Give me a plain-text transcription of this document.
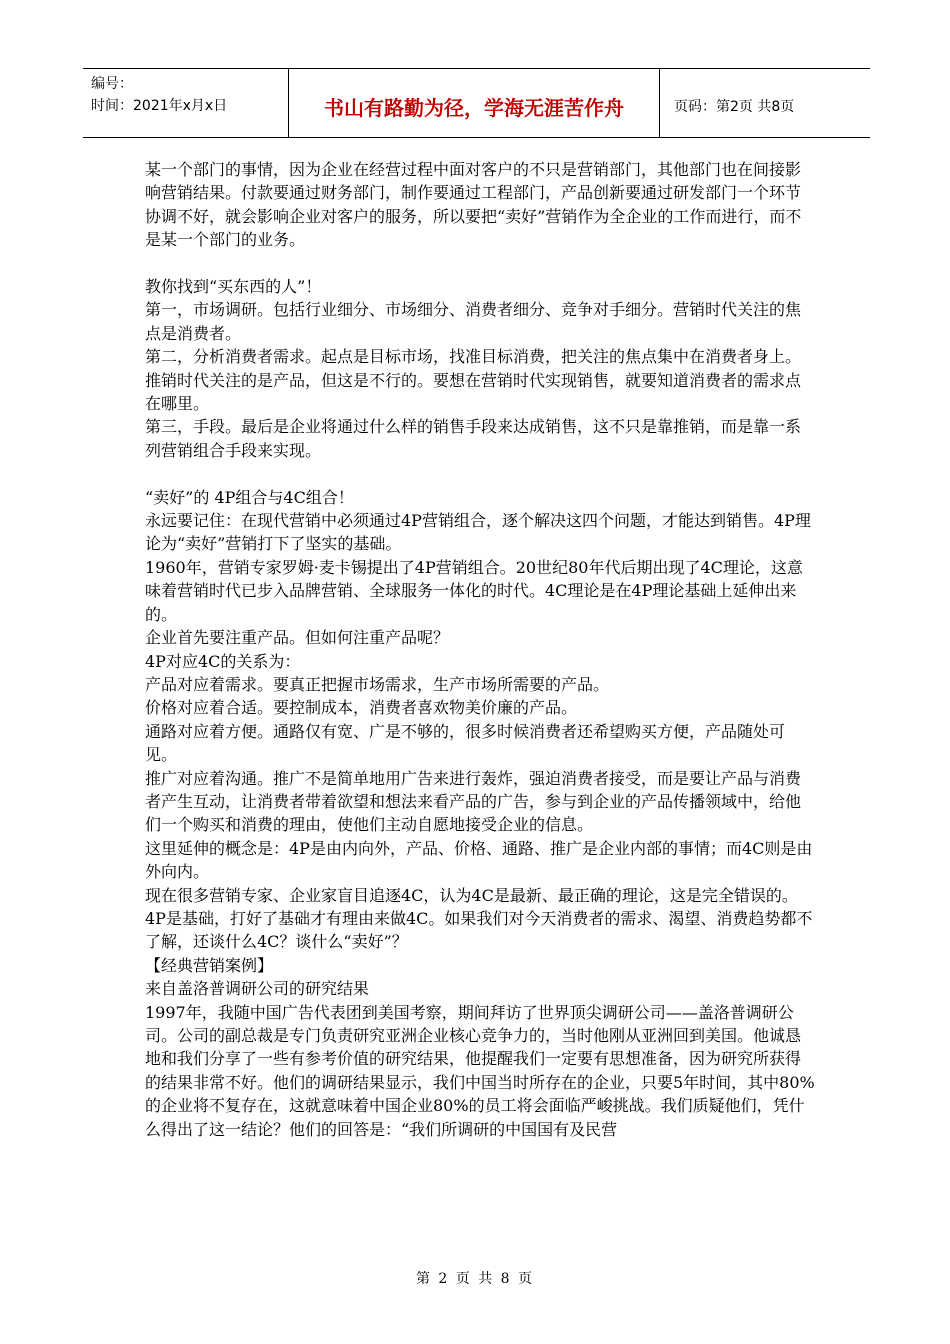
编号：
时间：2021年x月x日	书山有路勤为径，学海无涯苦作舟	页码：第2页 共8页

某一个部门的事情，因为企业在经营过程中面对客户的不只是营销部门，其他部门也在间接影响营销结果。付款要通过财务部门，制作要通过工程部门，产品创新要通过研发部门一个环节协调不好，就会影响企业对客户的服务，所以要把“卖好”营销作为全企业的工作而进行，而不是某一个部门的业务。

教你找到“买东西的人”！

第一，市场调研。包括行业细分、市场细分、消费者细分、竞争对手细分。营销时代关注的焦点是消费者。

第二，分析消费者需求。起点是目标市场，找准目标消费，把关注的焦点集中在消费者身上。推销时代关注的是产品，但这是不行的。要想在营销时代实现销售，就要知道消费者的需求点在哪里。

第三，手段。最后是企业将通过什么样的销售手段来达成销售，这不只是靠推销，而是靠一系列营销组合手段来实现。

“卖好”的 4P组合与4C组合！

永远要记住：在现代营销中必须通过4P营销组合，逐个解决这四个问题，才能达到销售。4P理论为“卖好”营销打下了坚实的基础。

1960年，营销专家罗姆·麦卡锡提出了4P营销组合。20世纪80年代后期出现了4C理论，这意味着营销时代已步入品牌营销、全球服务一体化的时代。4C理论是在4P理论基础上延伸出来的。

企业首先要注重产品。但如何注重产品呢？

4P对应4C的关系为：

产品对应着需求。要真正把握市场需求，生产市场所需要的产品。

价格对应着合适。要控制成本，消费者喜欢物美价廉的产品。

通路对应着方便。通路仅有宽、广是不够的，很多时候消费者还希望购买方便，产品随处可见。

推广对应着沟通。推广不是简单地用广告来进行轰炸，强迫消费者接受，而是要让产品与消费者产生互动，让消费者带着欲望和想法来看产品的广告，参与到企业的产品传播领域中，给他们一个购买和消费的理由，使他们主动自愿地接受企业的信息。

这里延伸的概念是：4P是由内向外，产品、价格、通路、推广是企业内部的事情；而4C则是由外向内。

现在很多营销专家、企业家盲目追逐4C，认为4C是最新、最正确的理论，这是完全错误的。

4P是基础，打好了基础才有理由来做4C。如果我们对今天消费者的需求、渴望、消费趋势都不了解，还谈什么4C？谈什么“卖好”？

【经典营销案例】

来自盖洛普调研公司的研究结果

1997年，我随中国广告代表团到美国考察，期间拜访了世界顶尖调研公司——盖洛普调研公司。公司的副总裁是专门负责研究亚洲企业核心竞争力的，当时他刚从亚洲回到美国。他诚恳地和我们分享了一些有参考价值的研究结果，他提醒我们一定要有思想准备，因为研究所获得的结果非常不好。他们的调研结果显示，我们中国当时所存在的企业，只要5年时间，其中80%的企业将不复存在，这就意味着中国企业80%的员工将会面临严峻挑战。我们质疑他们，凭什么得出了这一结论？他们的回答是：“我们所调研的中国国有及民营

第 2 页 共 8 页
